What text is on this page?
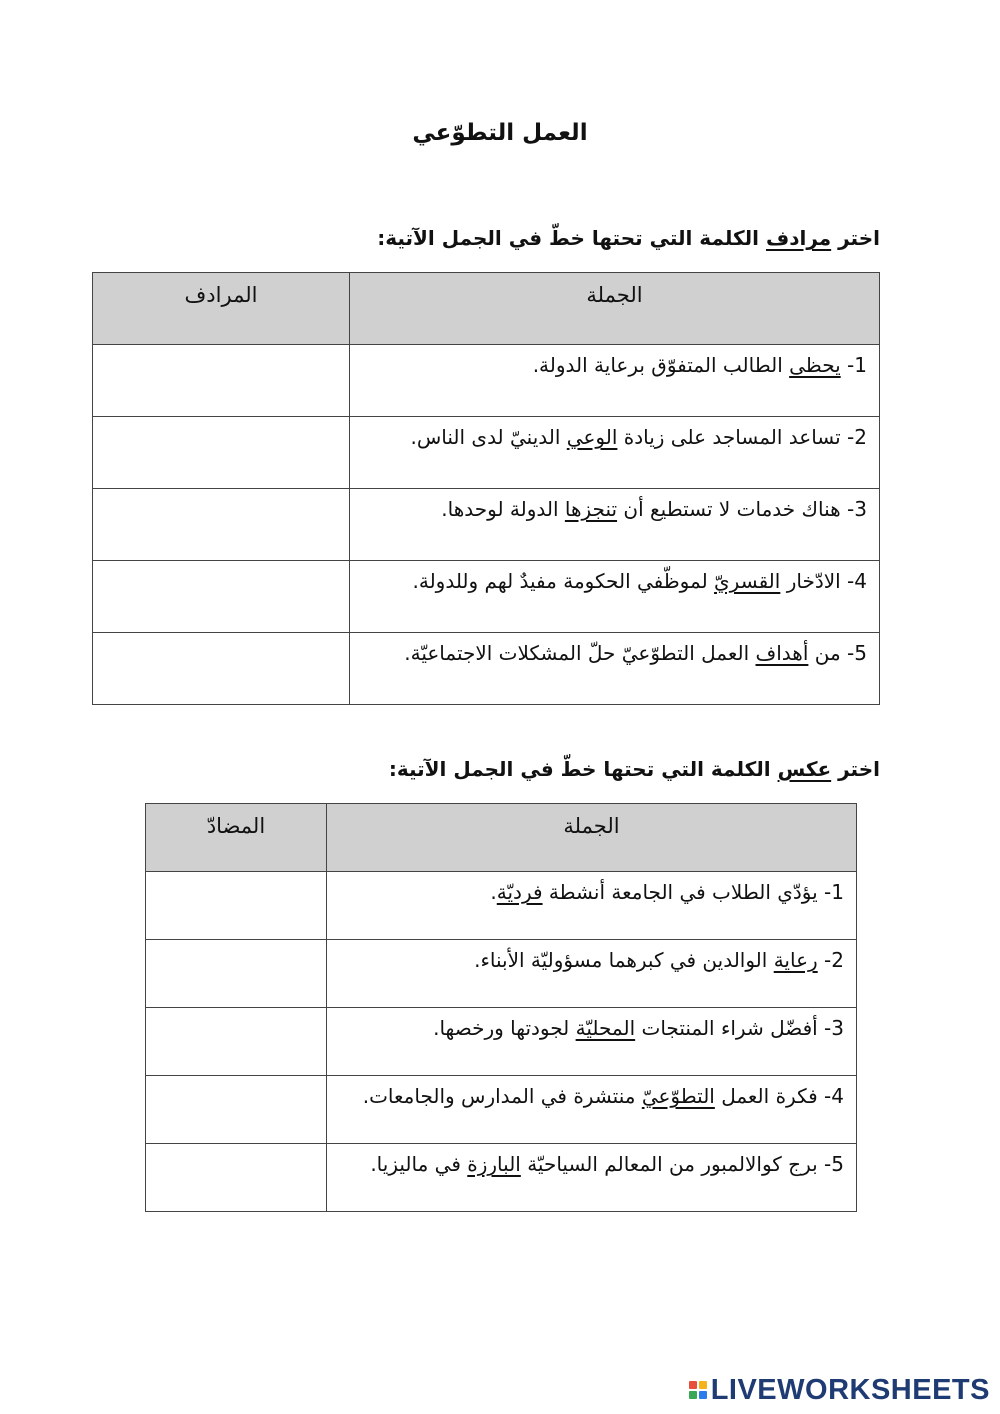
العمل التطوّعي
اختر مرادف الكلمة التي تحتها خطّ في الجمل الآتية:
الجملة	المرادف
1- يحظى الطالب المتفوّق برعاية الدولة.	
2- تساعد المساجد على زيادة الوعي الدينيّ لدى الناس.	
3- هناك خدمات لا تستطيع أن تنجزها الدولة لوحدها.	
4- الادّخار القسريّ لموظّفي الحكومة مفيدٌ لهم وللدولة.	
5- من أهداف العمل التطوّعيّ حلّ المشكلات الاجتماعيّة.	
اختر عكس الكلمة التي تحتها خطّ في الجمل الآتية:
الجملة	المضادّ
1- يؤدّي الطلاب في الجامعة أنشطة فرديّة.	
2- رعاية الوالدين في كبرهما مسؤوليّة الأبناء.	
3- أفضّل شراء المنتجات المحليّة لجودتها ورخصها.	
4- فكرة العمل التطوّعيّ منتشرة في المدارس والجامعات.	
5- برج كوالالمبور من المعالم السياحيّة البارزة في ماليزيا.	
LIVEWORKSHEETS
